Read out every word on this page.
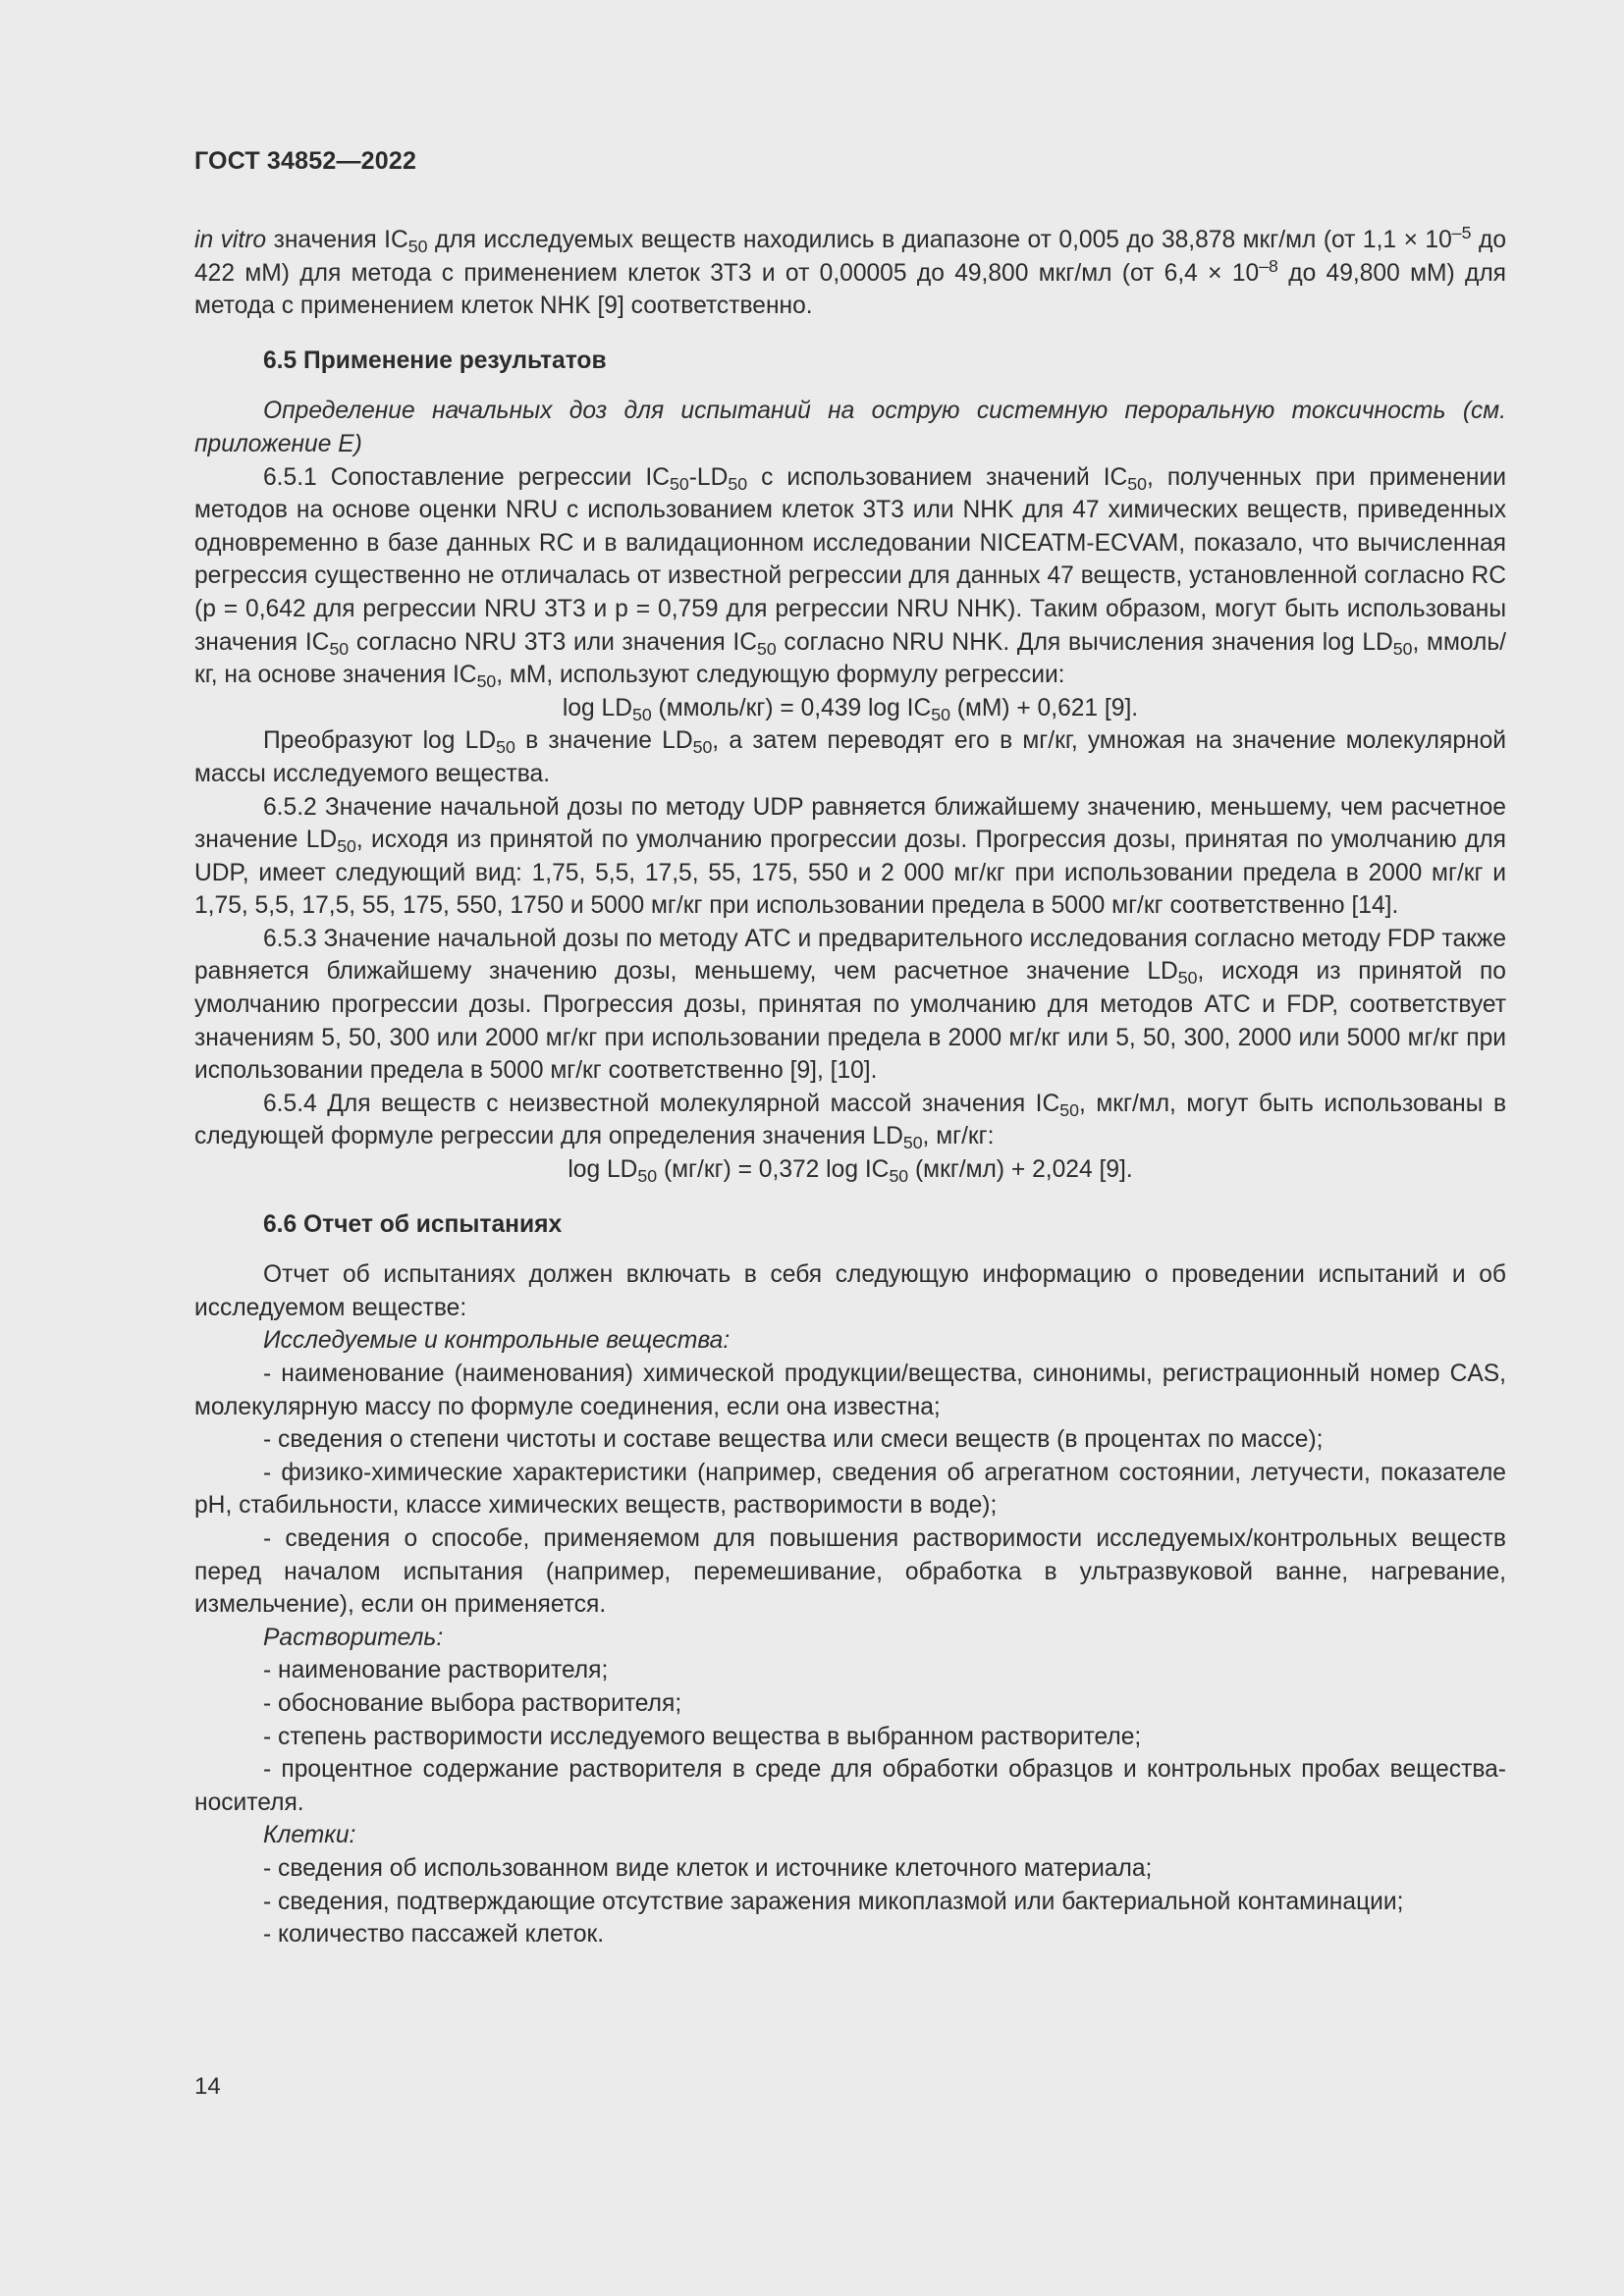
ГОСТ 34852—2022

in vitro значения $IC_{50}$ для исследуемых веществ находились в диапазоне от 0,005 до 38,878 мкг/мл (от $1,1 \times 10^{-5}$ до 422 мМ) для метода с применением клеток 3Т3 и от 0,00005 до 49,800 мкг/мл (от $6,4 \times 10^{-8}$ до 49,800 мМ) для метода с применением клеток NHK [9] соответственно.

6.5 Применение результатов

Определение начальных доз для испытаний на острую системную пероральную токсичность (см. приложение Е)

6.5.1 Сопоставление регрессии $IC_{50}-LD_{50}$ с использованием значений $IC_{50}$, полученных при применении методов на основе оценки NRU с использованием клеток 3Т3 или NHK для 47 химических веществ, приведенных одновременно в базе данных RC и в валидационном исследовании NICEATM-ECVAM, показало, что вычисленная регрессия существенно не отличалась от известной регрессии для данных 47 веществ, установленной согласно RC (р = 0,642 для регрессии NRU 3T3 и р = 0,759 для регрессии NRU NHK). Таким образом, могут быть использованы значения $IC_{50}$ согласно NRU 3T3 или значения $IC_{50}$ согласно NRU NHK. Для вычисления значения $\log LD_{50}$, ммоль/кг, на основе значения $IC_{50}$, мМ, используют следующую формулу регрессии:

$\log LD_{50}$ (ммоль/кг) = 0,439 $\log IC_{50}$ (мМ) + 0,621 [9].

Преобразуют $\log LD_{50}$ в значение $LD_{50}$, а затем переводят его в мг/кг, умножая на значение молекулярной массы исследуемого вещества.

6.5.2 Значение начальной дозы по методу UDP равняется ближайшему значению, меньшему, чем расчетное значение $LD_{50}$, исходя из принятой по умолчанию прогрессии дозы. Прогрессия дозы, принятая по умолчанию для UDP, имеет следующий вид: 1,75, 5,5, 17,5, 55, 175, 550 и 2 000 мг/кг при использовании предела в 2000 мг/кг и 1,75, 5,5, 17,5, 55, 175, 550, 1750 и 5000 мг/кг при использовании предела в 5000 мг/кг соответственно [14].

6.5.3 Значение начальной дозы по методу АТС и предварительного исследования согласно методу FDP также равняется ближайшему значению дозы, меньшему, чем расчетное значение $LD_{50}$, исходя из принятой по умолчанию прогрессии дозы. Прогрессия дозы, принятая по умолчанию для методов АТС и FDP, соответствует значениям 5, 50, 300 или 2000 мг/кг при использовании предела в 2000 мг/кг или 5, 50, 300, 2000 или 5000 мг/кг при использовании предела в 5000 мг/кг соответственно [9], [10].

6.5.4 Для веществ с неизвестной молекулярной массой значения $IC_{50}$, мкг/мл, могут быть использованы в следующей формуле регрессии для определения значения $LD_{50}$, мг/кг:

$\log LD_{50}$ (мг/кг) = 0,372 $\log IC_{50}$ (мкг/мл) + 2,024 [9].

6.6 Отчет об испытаниях

Отчет об испытаниях должен включать в себя следующую информацию о проведении испытаний и об исследуемом веществе:

Исследуемые и контрольные вещества:

- наименование (наименования) химической продукции/вещества, синонимы, регистрационный номер CAS, молекулярную массу по формуле соединения, если она известна;

- сведения о степени чистоты и составе вещества или смеси веществ (в процентах по массе);

- физико-химические характеристики (например, сведения об агрегатном состоянии, летучести, показателе pH, стабильности, классе химических веществ, растворимости в воде);

- сведения о способе, применяемом для повышения растворимости исследуемых/контрольных веществ перед началом испытания (например, перемешивание, обработка в ультразвуковой ванне, нагревание, измельчение), если он применяется.

Растворитель:

- наименование растворителя;

- обоснование выбора растворителя;

- степень растворимости исследуемого вещества в выбранном растворителе;

- процентное содержание растворителя в среде для обработки образцов и контрольных пробах вещества-носителя.

Клетки:

- сведения об использованном виде клеток и источнике клеточного материала;

- сведения, подтверждающие отсутствие заражения микоплазмой или бактериальной контаминации;

- количество пассажей клеток.

14
